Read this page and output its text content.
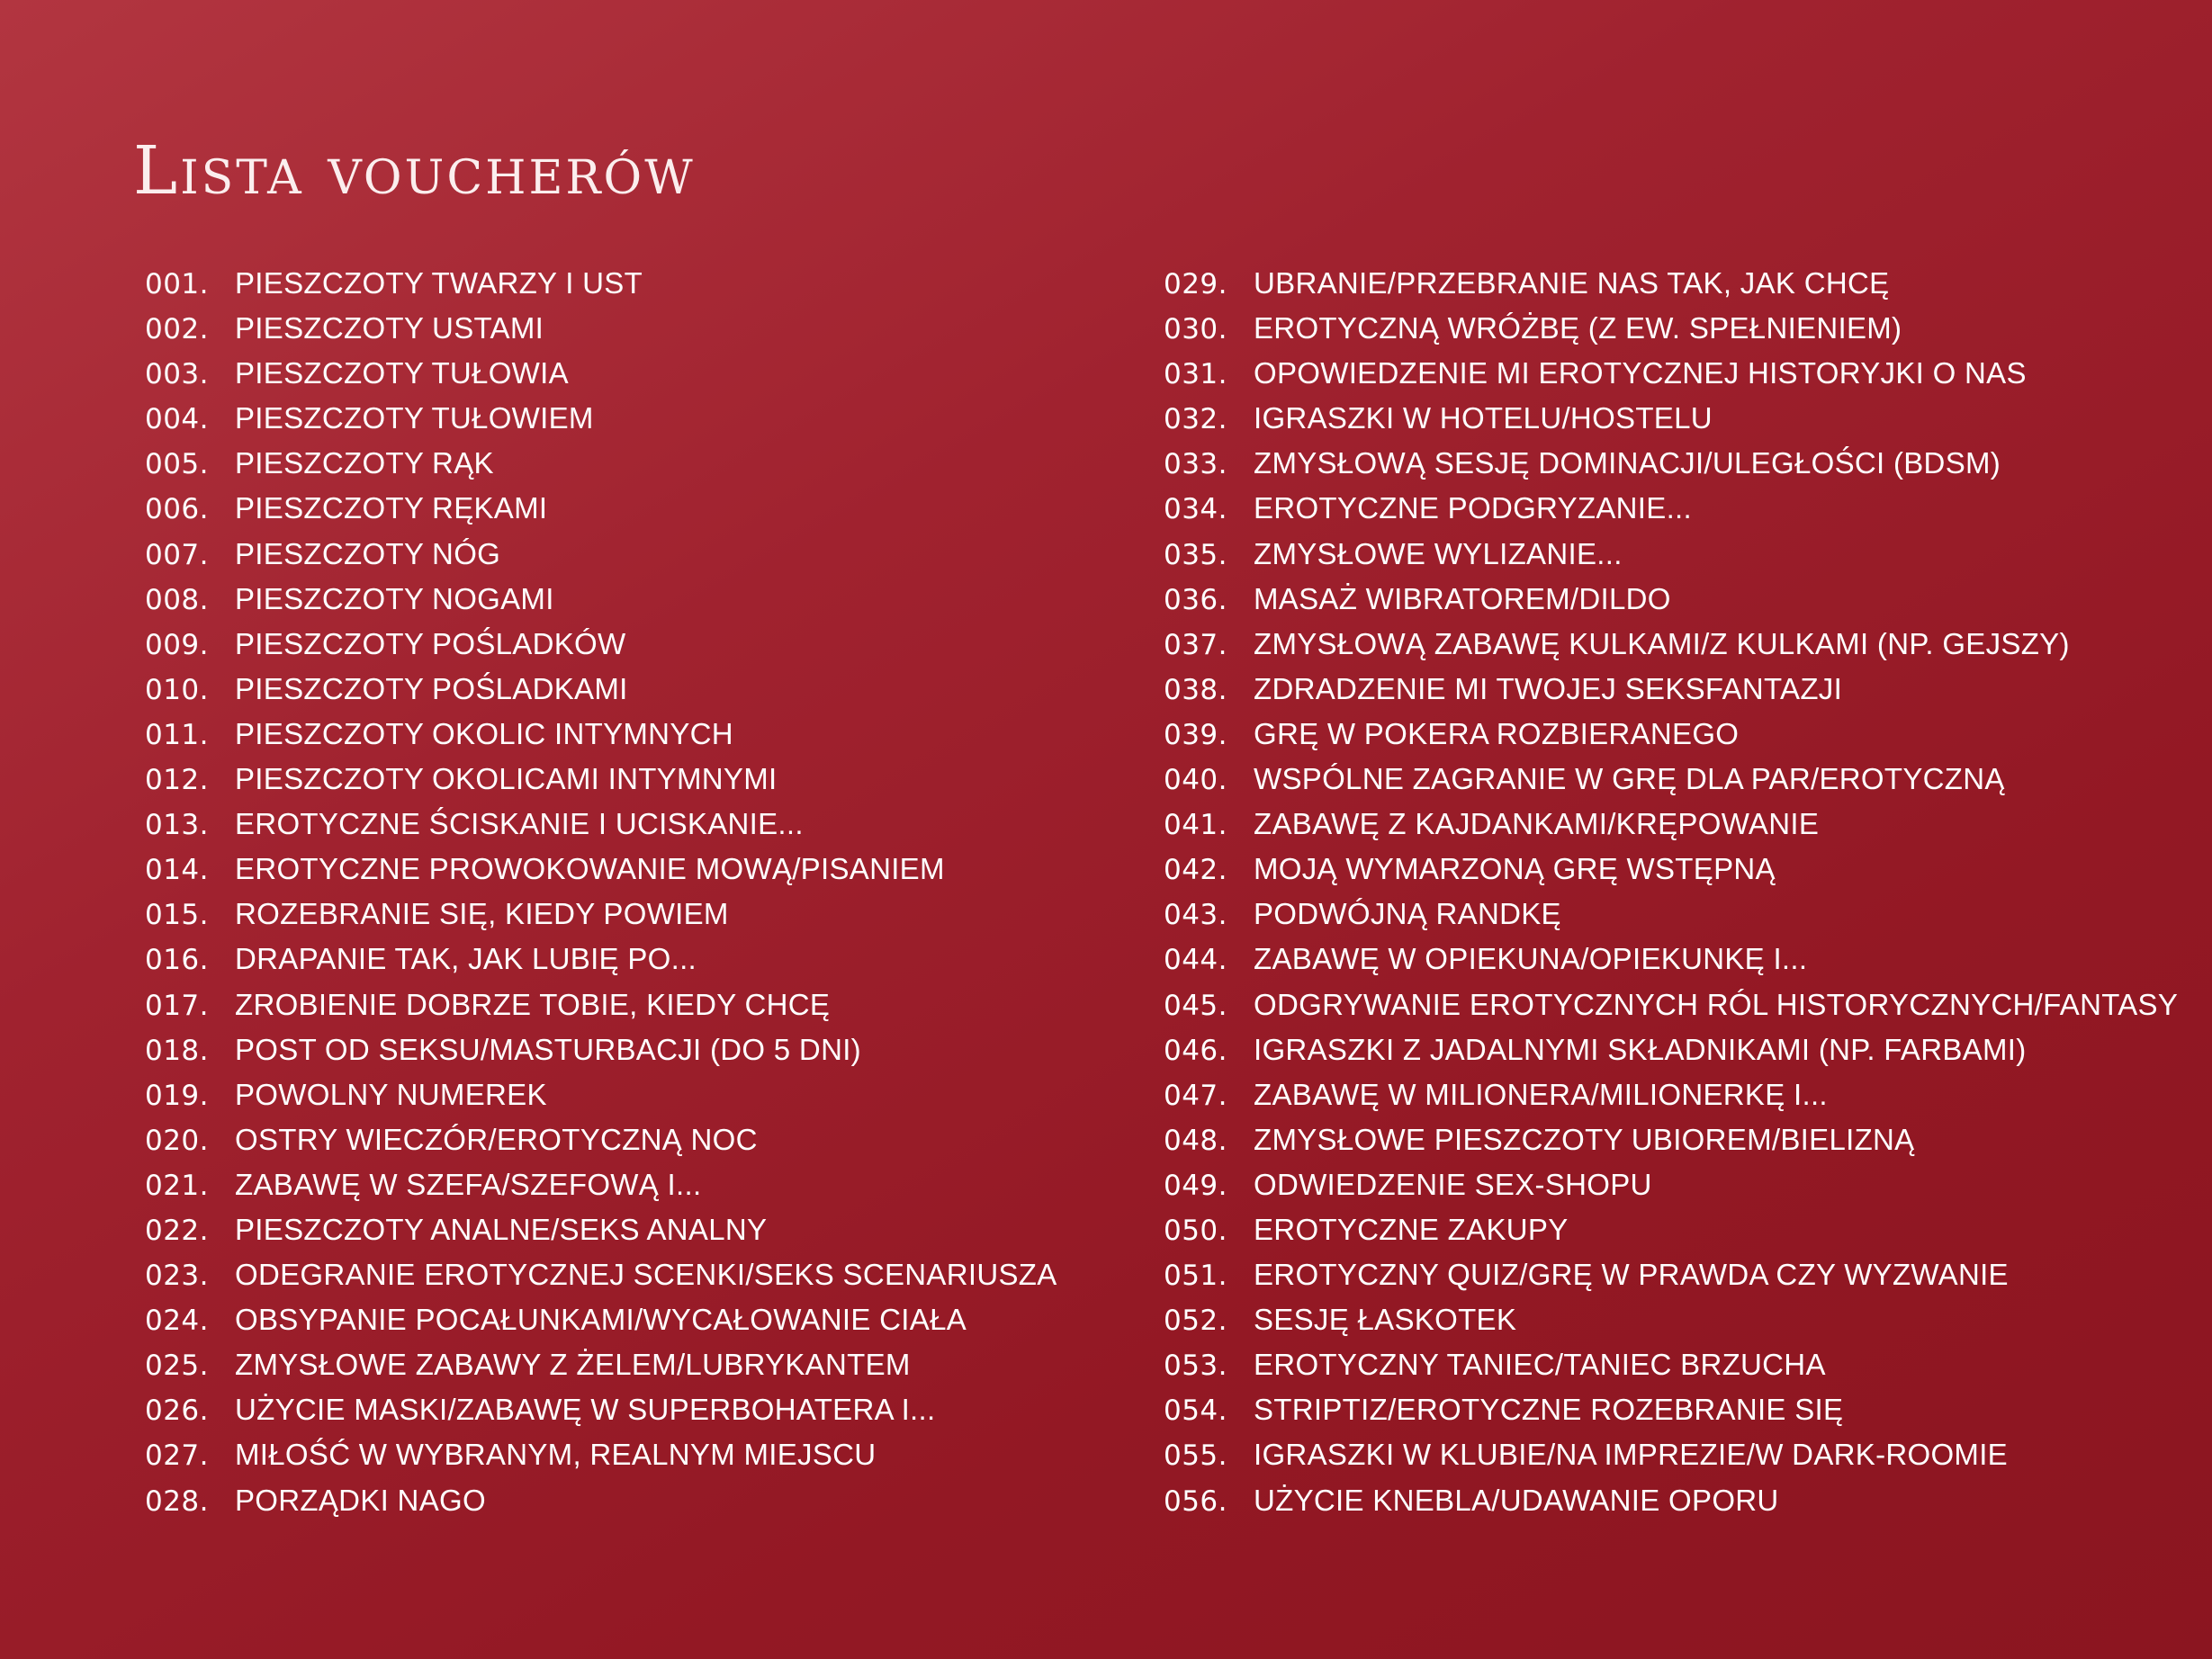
Lista voucherów
001. PIESZCZOTY TWARZY I UST
002. PIESZCZOTY USTAMI
003. PIESZCZOTY TUŁOWIA
004. PIESZCZOTY TUŁOWIEM
005. PIESZCZOTY RĄK
006. PIESZCZOTY RĘKAMI
007. PIESZCZOTY NÓG
008. PIESZCZOTY NOGAMI
009. PIESZCZOTY POŚLADKÓW
010. PIESZCZOTY POŚLADKAMI
011. PIESZCZOTY OKOLIC INTYMNYCH
012. PIESZCZOTY OKOLICAMI INTYMNYMI
013. EROTYCZNE ŚCISKANIE I UCISKANIE...
014. EROTYCZNE PROWOKOWANIE MOWĄ/PISANIEM
015. ROZEBRANIE SIĘ, KIEDY POWIEM
016. DRAPANIE TAK, JAK LUBIĘ PO...
017. ZROBIENIE DOBRZE TOBIE, KIEDY CHCĘ
018. POST OD SEKSU/MASTURBACJI (DO 5 DNI)
019. POWOLNY NUMEREK
020. OSTRY WIECZÓR/EROTYCZNĄ NOC
021. ZABAWĘ W SZEFA/SZEFOWĄ I...
022. PIESZCZOTY ANALNE/SEKS ANALNY
023. ODEGRANIE EROTYCZNEJ SCENKI/SEKS SCENARIUSZA
024. OBSYPANIE POCAŁUNKAMI/WYCAŁOWANIE CIAŁA
025. ZMYSŁOWE ZABAWY Z ŻELEM/LUBRYKANTEM
026. UŻYCIE MASKI/ZABAWĘ W SUPERBOHATERA I...
027. MIŁOŚĆ W WYBRANYM, REALNYM MIEJSCU
028. PORZĄDKI NAGO
029. UBRANIE/PRZEBRANIE NAS TAK, JAK CHCĘ
030. EROTYCZNĄ WRÓŻBĘ (Z EW. SPEŁNIENIEM)
031. OPOWIEDZENIE MI EROTYCZNEJ HISTORYJKI O NAS
032. IGRASZKI W HOTELU/HOSTELU
033. ZMYSŁOWĄ SESJĘ DOMINACJI/ULEGŁOŚCI (BDSM)
034. EROTYCZNE PODGRYZANIE...
035. ZMYSŁOWE WYLIZANIE...
036. MASAŻ WIBRATOREM/DILDO
037. ZMYSŁOWĄ ZABAWĘ KULKAMI/Z KULKAMI (NP. GEJSZY)
038. ZDRADZENIE MI TWOJEJ SEKSFANTAZJI
039. GRĘ W POKERA ROZBIERANEGO
040. WSPÓLNE ZAGRANIE W GRĘ DLA PAR/EROTYCZNĄ
041. ZABAWĘ Z KAJDANKAMI/KRĘPOWANIE
042. MOJĄ WYMARZONĄ GRĘ WSTĘPNĄ
043. PODWÓJNĄ RANDKĘ
044. ZABAWĘ W OPIEKUNA/OPIEKUNKĘ I...
045. ODGRYWANIE EROTYCZNYCH RÓL HISTORYCZNYCH/FANTASY
046. IGRASZKI Z JADALNYMI SKŁADNIKAMI (NP. FARBAMI)
047. ZABAWĘ W MILIONERA/MILIONERKĘ I...
048. ZMYSŁOWE PIESZCZOTY UBIOREM/BIELIZNĄ
049. ODWIEDZENIE SEX-SHOPU
050. EROTYCZNE ZAKUPY
051. EROTYCZNY QUIZ/GRĘ W PRAWDA CZY WYZWANIE
052. SESJĘ ŁASKOTEK
053. EROTYCZNY TANIEC/TANIEC BRZUCHA
054. STRIPTIZ/EROTYCZNE ROZEBRANIE SIĘ
055. IGRASZKI W KLUBIE/NA IMPREZIE/W DARK-ROOMIE
056. UŻYCIE KNEBLA/UDAWANIE OPORU
